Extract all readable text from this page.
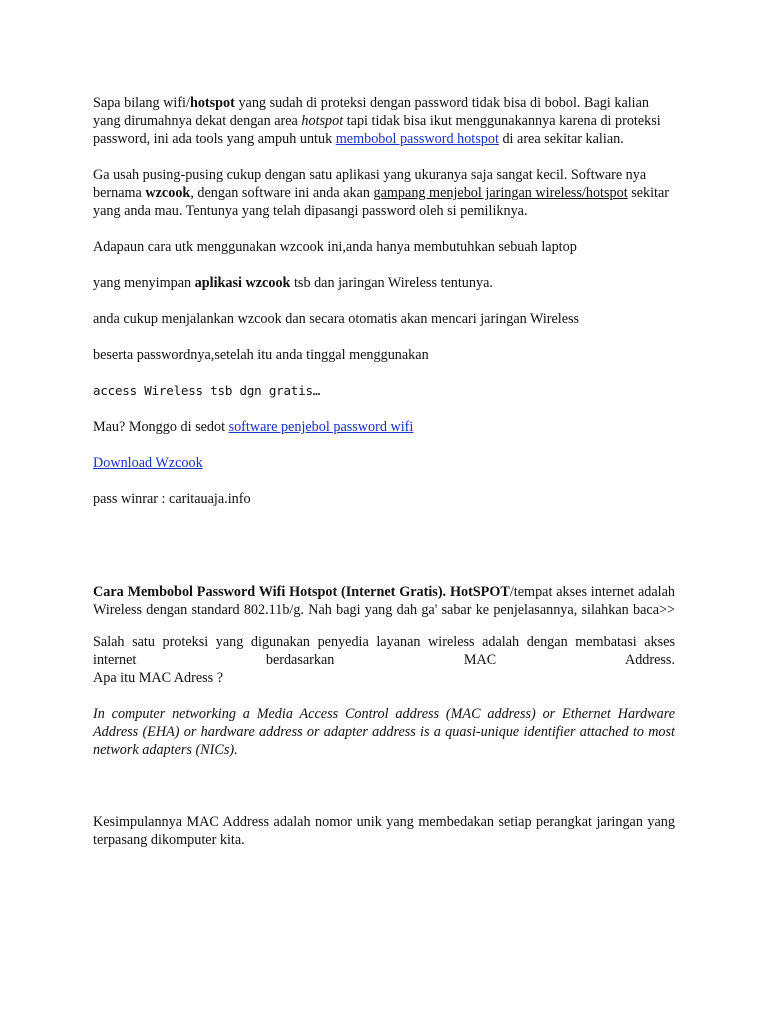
Sapa bilang wifi/hotspot yang sudah di proteksi dengan password tidak bisa di bobol. Bagi kalian yang dirumahnya dekat dengan area hotspot tapi tidak bisa ikut menggunakannya karena di proteksi password, ini ada tools yang ampuh untuk membobol password hotspot di area sekitar kalian.

Ga usah pusing-pusing cukup dengan satu aplikasi yang ukuranya saja sangat kecil. Software nya bernama wzcook, dengan software ini anda akan gampang menjebol jaringan wireless/hotspot sekitar yang anda mau. Tentunya yang telah dipasangi password oleh si pemiliknya.

Adapaun cara utk menggunakan wzcook ini,anda hanya membutuhkan sebuah laptop

yang menyimpan aplikasi wzcook tsb dan jaringan Wireless tentunya.

anda cukup menjalankan wzcook dan secara otomatis akan mencari jaringan Wireless

beserta passwordnya,setelah itu anda tinggal menggunakan

access Wireless tsb dgn gratis…

Mau? Monggo di sedot software penjebol password wifi

Download Wzcook

pass winrar : caritauaja.info

Cara Membobol Password Wifi Hotspot (Internet Gratis). HotSPOT/tempat akses internet adalah Wireless dengan standard 802.11b/g. Nah bagi yang dah ga' sabar ke penjelasannya, silahkan baca>>

Salah satu proteksi yang digunakan penyedia layanan wireless adalah dengan membatasi akses internet berdasarkan MAC Address.
Apa itu MAC Adress ?

In computer networking a Media Access Control address (MAC address) or Ethernet Hardware Address (EHA) or hardware address or adapter address is a quasi-unique identifier attached to most network adapters (NICs).

Kesimpulannya MAC Address adalah nomor unik yang membedakan setiap perangkat jaringan yang terpasang dikomputer kita.
